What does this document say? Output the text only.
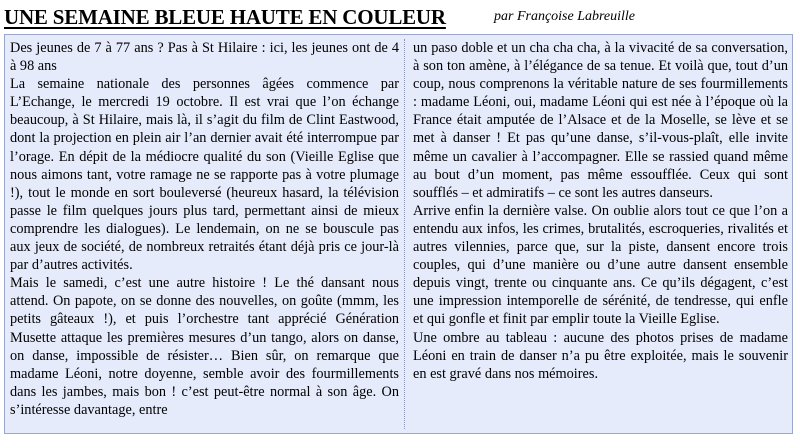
UNE SEMAINE BLEUE HAUTE EN COULEUR	par Françoise Labreuille

Des jeunes de 7 à 77 ans ? Pas à St Hilaire : ici, les jeunes ont de 4 à 98 ans

La semaine nationale des personnes âgées commence par L’Echange, le mercredi 19 octobre. Il est vrai que l’on échange beaucoup, à St Hilaire, mais là, il s’agit du film de Clint Eastwood, dont la projection en plein air l’an dernier avait été interrompue par l’orage. En dépit de la médiocre qualité du son (Vieille Eglise que nous aimons tant, votre ramage ne se rapporte pas à votre plumage !), tout le monde en sort bouleversé (heureux hasard, la télévision passe le film quelques jours plus tard, permettant ainsi de mieux comprendre les dialogues). Le lendemain, on ne se bouscule pas aux jeux de société, de nombreux retraités étant déjà pris ce jour-là par d’autres activités.

Mais le samedi, c’est une autre histoire ! Le thé dansant nous attend. On papote, on se donne des nouvelles, on goûte (mmm, les petits gâteaux !), et puis l’orchestre tant apprécié Génération Musette attaque les premières mesures d’un tango, alors on danse, on danse, impossible de résister… Bien sûr, on remarque que madame Léoni, notre doyenne, semble avoir des fourmillements dans les jambes, mais bon ! c’est peut-être normal à son âge. On s’intéresse davantage, entre

un paso doble et un cha cha cha, à la vivacité de sa conversation, à son ton amène, à l’élégance de sa tenue. Et voilà que, tout d’un coup, nous comprenons la véritable nature de ses fourmillements : madame Léoni, oui, madame Léoni qui est née à l’époque où la France était amputée de l’Alsace et de la Moselle, se lève et se met à danser ! Et pas qu’une danse, s’il-vous-plaît, elle invite même un cavalier à l’accompagner. Elle se rassied quand même au bout d’un moment, pas même essoufflée. Ceux qui sont soufflés – et admiratifs – ce sont les autres danseurs.

Arrive enfin la dernière valse. On oublie alors tout ce que l’on a entendu aux infos, les crimes, brutalités, escroqueries, rivalités et autres vilennies, parce que, sur la piste, dansent encore trois couples, qui d’une manière ou d’une autre dansent ensemble depuis vingt, trente ou cinquante ans. Ce qu’ils dégagent, c’est une impression intemporelle de sérénité, de tendresse, qui enfle et qui gonfle et finit par emplir toute la Vieille Eglise.

Une ombre au tableau : aucune des photos prises de madame Léoni en train de danser n’a pu être exploitée, mais le souvenir en est gravé dans nos mémoires.
